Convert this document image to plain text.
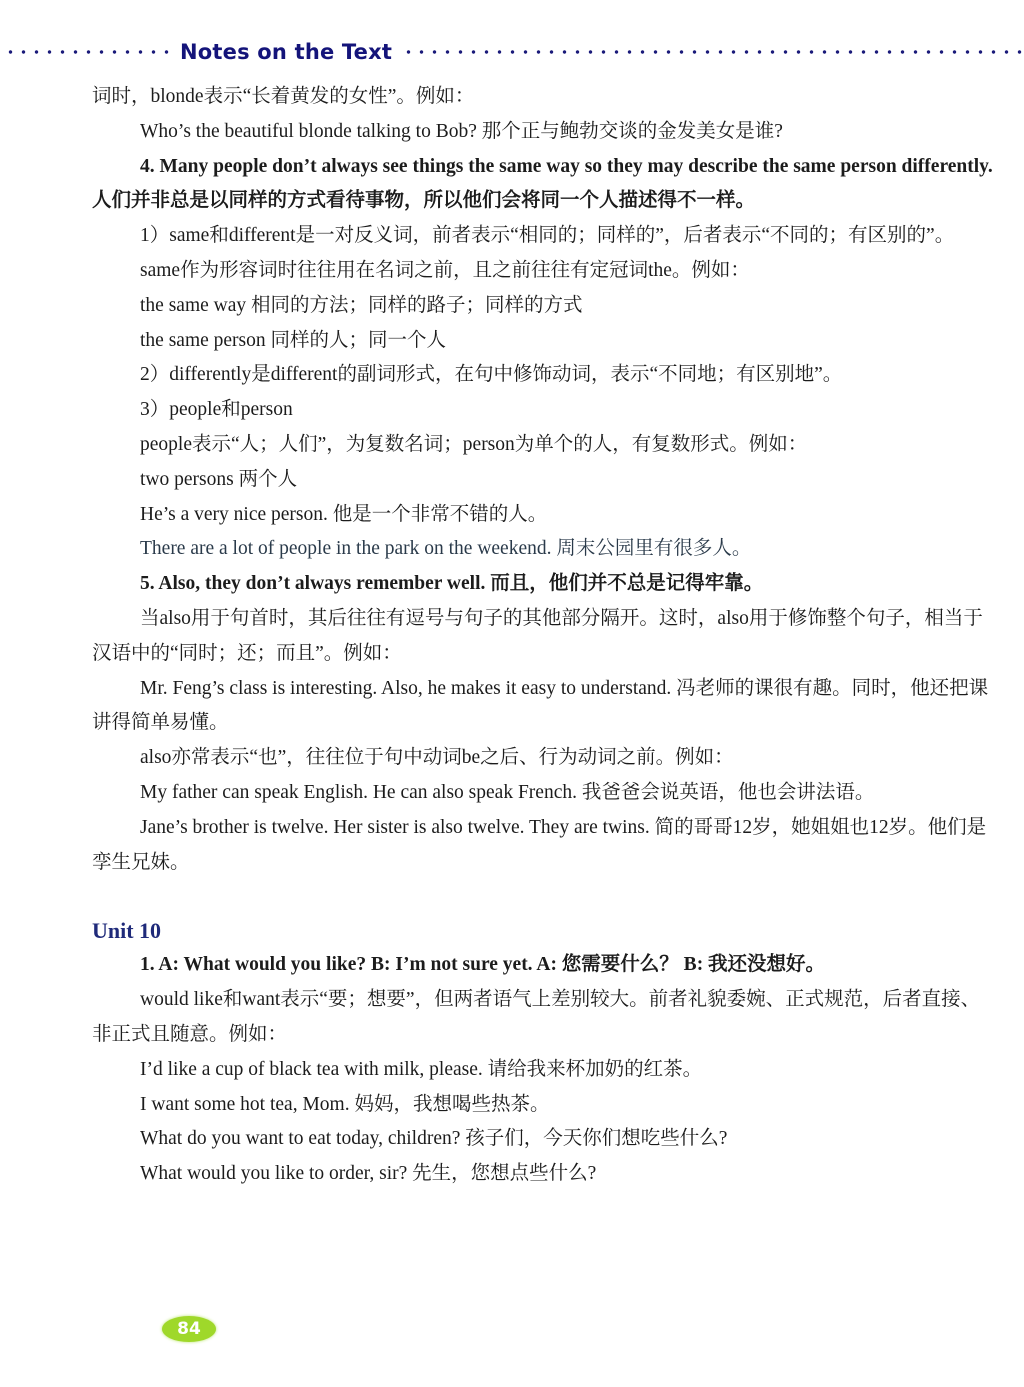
Notes on the Text

词时，blonde表示“长着黄发的女性”。例如：

Who’s the beautiful blonde talking to Bob? 那个正与鲍勃交谈的金发美女是谁?

4. Many people don’t always see things the same way so they may describe the same person differently. 人们并非总是以同样的方式看待事物，所以他们会将同一个人描述得不一样。

1）same和different是一对反义词，前者表示“相同的；同样的”，后者表示“不同的；有区别的”。

same作为形容词时往往用在名词之前，且之前往往有定冠词the。例如：

the same way 相同的方法；同样的路子；同样的方式

the same person 同样的人；同一个人

2）differently是different的副词形式，在句中修饰动词，表示“不同地；有区别地”。

3）people和person

people表示“人；人们”，为复数名词；person为单个的人，有复数形式。例如：

two persons 两个人

He’s a very nice person. 他是一个非常不错的人。

There are a lot of people in the park on the weekend. 周末公园里有很多人。

5. Also, they don’t always remember well. 而且，他们并不总是记得牢靠。

当also用于句首时，其后往往有逗号与句子的其他部分隔开。这时，also用于修饰整个句子，相当于汉语中的“同时；还；而且”。例如：

Mr. Feng’s class is interesting. Also, he makes it easy to understand. 冯老师的课很有趣。同时，他还把课讲得简单易懂。

also亦常表示“也”，往往位于句中动词be之后、行为动词之前。例如：

My father can speak English. He can also speak French. 我爸爸会说英语，他也会讲法语。

Jane’s brother is twelve. Her sister is also twelve. They are twins. 简的哥哥12岁，她姐姐也12岁。他们是孪生兄妹。

Unit 10

1. A: What would you like? B: I’m not sure yet. A: 您需要什么？ B: 我还没想好。

would like和want表示“要；想要”，但两者语气上差别较大。前者礼貌委婉、正式规范，后者直接、非正式且随意。例如：

I’d like a cup of black tea with milk, please. 请给我来杯加奶的红茶。

I want some hot tea, Mom. 妈妈，我想喝些热茶。

What do you want to eat today, children? 孩子们，今天你们想吃些什么?

What would you like to order, sir? 先生，您想点些什么?

84
